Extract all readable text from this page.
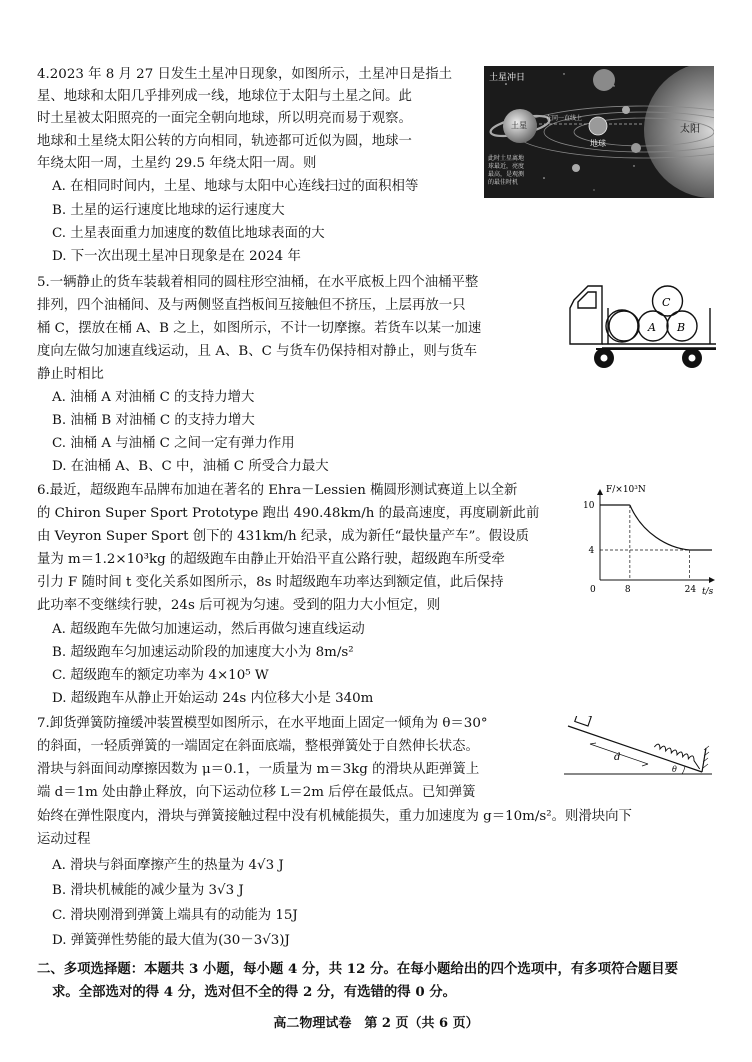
4.2023 年 8 月 27 日发生土星冲日现象，如图所示，土星冲日是指土
星、地球和太阳几乎排列成一线，地球位于太阳与土星之间。此
时土星被太阳照亮的一面完全朝向地球，所以明亮而易于观察。
地球和土星绕太阳公转的方向相同，轨迹都可近似为圆，地球一
年绕太阳一周，土星约 29.5 年绕太阳一周。则
A. 在相同时间内，土星、地球与太阳中心连线扫过的面积相等
B. 土星的运行速度比地球的运行速度大
C. 土星表面重力加速度的数值比地球表面的大
D. 下一次出现土星冲日现象是在 2024 年
土星冲日
土星
地球
太阳
在同一直线上
此时土星离地
球最近，亮度
最高，是观测
的最佳时机
5.一辆静止的货车装载着相同的圆柱形空油桶，在水平底板上四个油桶平整
排列，四个油桶间、及与两侧竖直挡板间互接触但不挤压，上层再放一只
桶 C，摆放在桶 A、B 之上，如图所示，不计一切摩擦。若货车以某一加速
度向左做匀加速直线运动，且 A、B、C 与货车仍保持相对静止，则与货车
静止时相比
A. 油桶 A 对油桶 C 的支持力增大
B. 油桶 B 对油桶 C 的支持力增大
C. 油桶 A 与油桶 C 之间一定有弹力作用
D. 在油桶 A、B、C 中，油桶 C 所受合力最大
A B
C
6.最近，超级跑车品牌布加迪在著名的 Ehra－Lessien 椭圆形测试赛道上以全新
的 Chiron Super Sport Prototype 跑出 490.48km/h 的最高速度，再度刷新此前
由 Veyron Super Sport 创下的 431km/h 纪录，成为新任“最快量产车”。假设质
量为 m＝1.2×10³kg 的超级跑车由静止开始沿平直公路行驶，超级跑车所受牵
引力 F 随时间 t 变化关系如图所示，8s 时超级跑车功率达到额定值，此后保持
此功率不变继续行驶，24s 后可视为匀速。受到的阻力大小恒定，则
A. 超级跑车先做匀加速运动，然后再做匀速直线运动
B. 超级跑车匀加速运动阶段的加速度大小为 8m/s²
C. 超级跑车的额定功率为 4×10⁵ W
D. 超级跑车从静止开始运动 24s 内位移大小是 340m
F/×10³N
t/s
0	8	24
4
10
7.卸货弹簧防撞缓冲装置模型如图所示，在水平地面上固定一倾角为 θ＝30°
的斜面，一轻质弹簧的一端固定在斜面底端，整根弹簧处于自然伸长状态。
滑块与斜面间动摩擦因数为 μ＝0.1，一质量为 m＝3kg 的滑块从距弹簧上
端 d＝1m 处由静止释放，向下运动位移 L＝2m 后停在最低点。已知弹簧
始终在弹性限度内，滑块与弹簧接触过程中没有机械能损失，重力加速度为 g＝10m/s²。则滑块向下
运动过程
A. 滑块与斜面摩擦产生的热量为 4√3 J
B. 滑块机械能的减少量为 3√3 J
C. 滑块刚滑到弹簧上端具有的动能为 15J
D. 弹簧弹性势能的最大值为(30－3√3)J
d
θ
二、多项选择题：本题共 3 小题，每小题 4 分，共 12 分。在每小题给出的四个选项中，有多项符合题目要
求。全部选对的得 4 分，选对但不全的得 2 分，有选错的得 0 分。
高二物理试卷　第 2 页（共 6 页）
